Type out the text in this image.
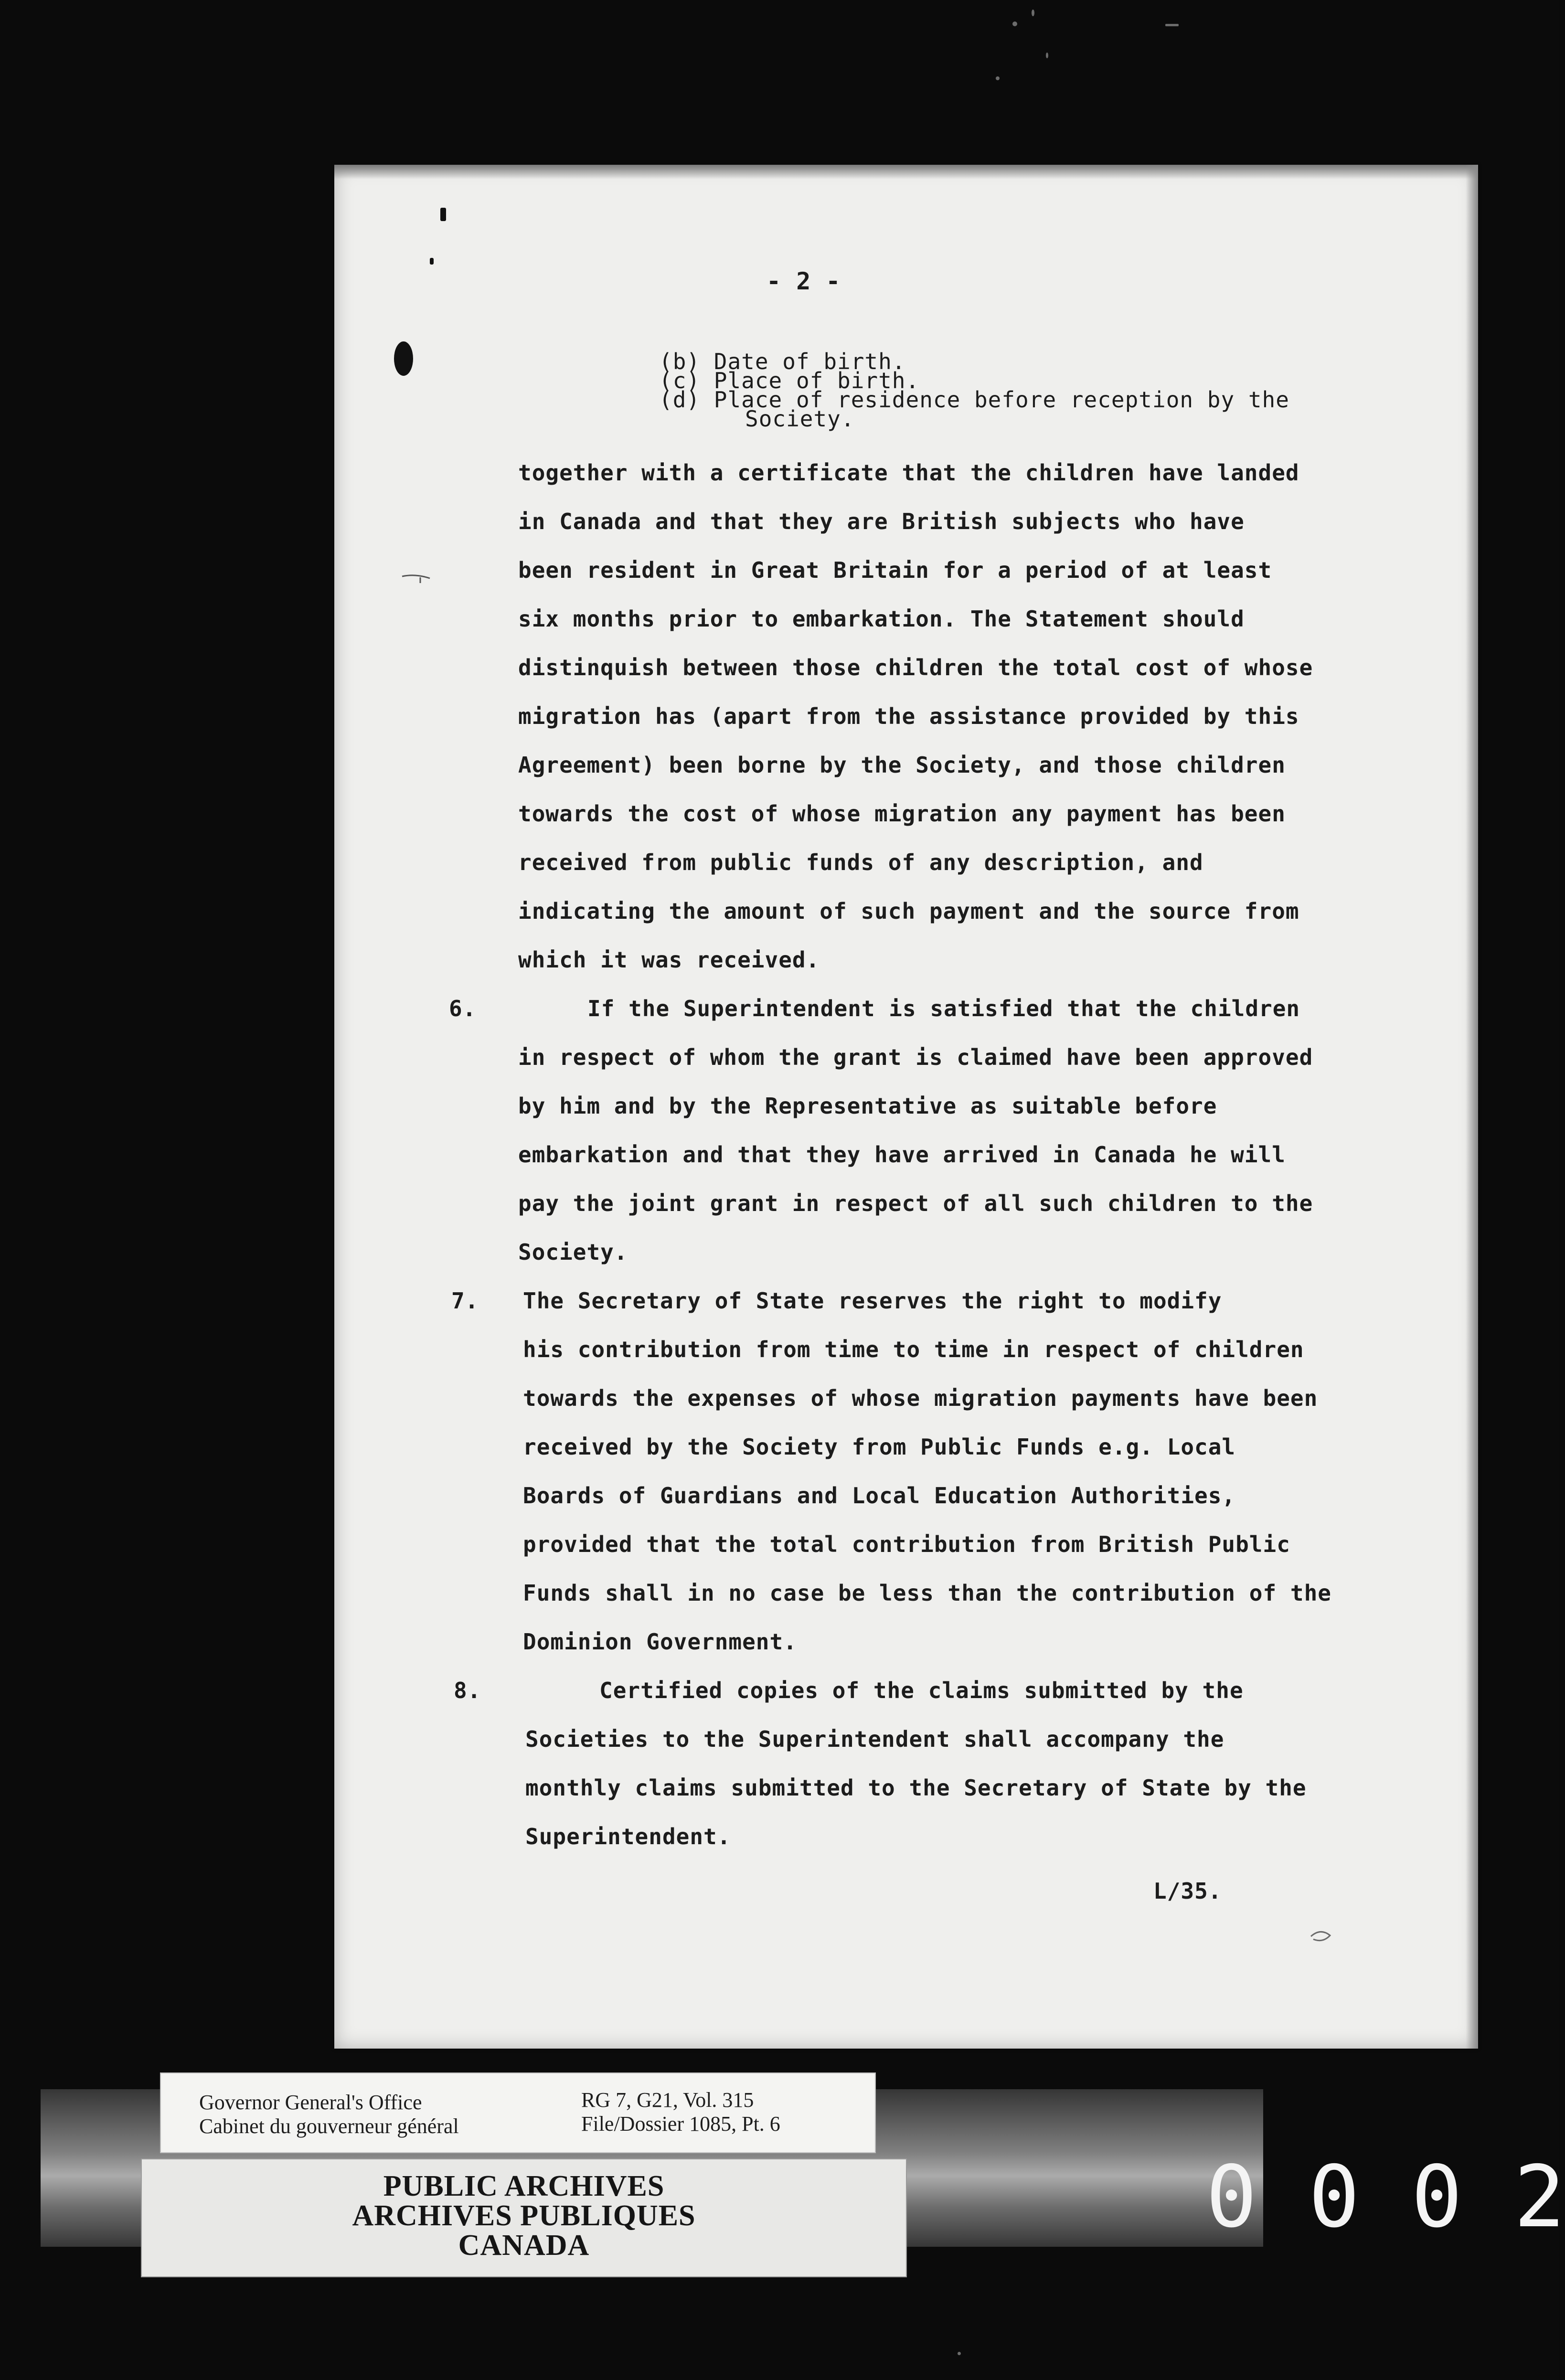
- 2 -
(b) Date of birth.
(c) Place of birth.
(d) Place of residence before reception by the
Society.
together with a certificate that the children have landed
in Canada and that they are British subjects who have
been resident in Great Britain for a period of at least
six months prior to embarkation. The Statement should
distinquish between those children the total cost of whose
migration has (apart from the assistance provided by this
Agreement) been borne by the Society, and those children
towards the cost of whose migration any payment has been
received from public funds of any description, and
indicating the amount of such payment and the source from
which it was received.
6.	If the Superintendent is satisfied that the children
in respect of whom the grant is claimed have been approved
by him and by the Representative as suitable before
embarkation and that they have arrived in Canada he will
pay the joint grant in respect of all such children to the
Society.
7. The Secretary of State reserves the right to modify
his contribution from time to time in respect of children
towards the expenses of whose migration payments have been
received by the Society from Public Funds e.g. Local
Boards of Guardians and Local Education Authorities,
provided that the total contribution from British Public
Funds shall in no case be less than the contribution of the
Dominion Government.
8.	Certified copies of the claims submitted by the
Societies to the Superintendent shall accompany the
monthly claims submitted to the Secretary of State by the
Superintendent.
L/35.
Governor General's Office
Cabinet du gouverneur général
RG 7, G21, Vol. 315
File/Dossier 1085, Pt. 6
PUBLIC ARCHIVES
ARCHIVES PUBLIQUES
CANADA	0 0 0 2
